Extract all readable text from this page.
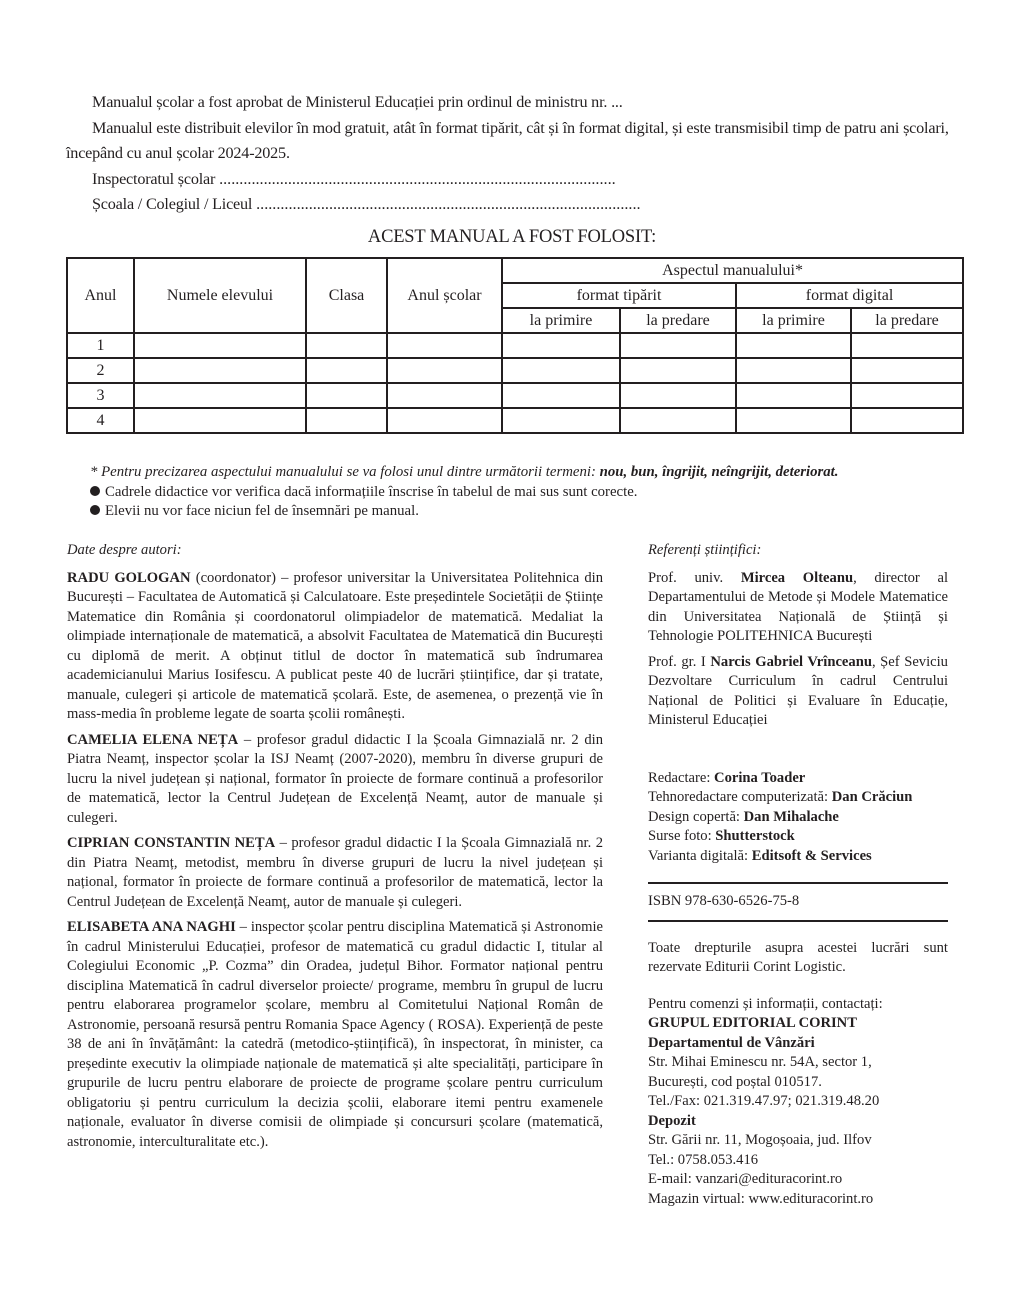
Manualul școlar a fost aprobat de Ministerul Educației prin ordinul de ministru nr. ...

Manualul este distribuit elevilor în mod gratuit, atât în format tipărit, cât și în format digital, și este transmisibil timp de patru ani școlari, începând cu anul școlar 2024-2025.

Inspectoratul școlar ..................................................................................................

Școala / Colegiul / Liceul ...............................................................................................

ACEST MANUAL A FOST FOLOSIT:
Anul	Numele elevului	Clasa	Anul școlar	Aspectul manualului*			
				format tipărit		format digital	
				la primire	la predare	la primire	la predare
1							
2							
3							
4							

* Pentru precizarea aspectului manualului se va folosi unul dintre următorii termeni: nou, bun, îngrijit, neîngrijit, deteriorat.

Cadrele didactice vor verifica dacă informațiile înscrise în tabelul de mai sus sunt corecte.

Elevii nu vor face niciun fel de însemnări pe manual.

Date despre autori:

RADU GOLOGAN (coordonator) – profesor universitar la Universitatea Politehnica din București – Facultatea de Automatică și Calculatoare. Este președintele Societății de Științe Matematice din România și coordonatorul olimpiadelor de matematică. Medaliat la olimpiade internaționale de matematică, a absolvit Facultatea de Matematică din București cu diplomă de merit. A obținut titlul de doctor în matematică sub îndrumarea academicianului Marius Iosifescu. A publicat peste 40 de lucrări științifice, dar și tratate, manuale, culegeri și articole de matematică școlară. Este, de asemenea, o prezență vie în mass-media în probleme legate de soarta școlii românești.

CAMELIA ELENA NEȚA – profesor gradul didactic I la Școala Gimnazială nr. 2 din Piatra Neamț, inspector școlar la ISJ Neamț (2007-2020), membru în diverse grupuri de lucru la nivel județean și național, formator în proiecte de formare continuă a profesorilor de matematică, lector la Centrul Județean de Excelență Neamț, autor de manuale și culegeri.

CIPRIAN CONSTANTIN NEȚA – profesor gradul didactic I la Școala Gimnazială nr. 2 din Piatra Neamț, metodist, membru în diverse grupuri de lucru la nivel județean și național, formator în proiecte de formare continuă a profesorilor de matematică, lector la Centrul Județean de Excelență Neamț, autor de manuale și culegeri.

ELISABETA ANA NAGHI – inspector școlar pentru disciplina Matematică și Astronomie în cadrul Ministerului Educației, profesor de matematică cu gradul didactic I, titular al Colegiului Economic „P. Cozma” din Oradea, județul Bihor. Formator național pentru disciplina Matematică în cadrul diverselor proiecte/ programe, membru în grupul de lucru pentru elaborarea programelor școlare, membru al Comitetului Național Român de Astronomie, persoană resursă pentru Romania Space Agency ( ROSA). Experiență de peste 38 de ani în învățământ: la catedră (metodico-științifică), în inspectorat, în minister, ca președinte executiv la olimpiade naționale de matematică și alte specialități, participare în grupurile de lucru pentru elaborare de proiecte de programe școlare pentru curriculum obligatoriu și pentru curriculum la decizia școlii, elaborare itemi pentru examenele naționale, evaluator în diverse comisii de olimpiade și concursuri școlare (matematică, astronomie, interculturalitate etc.).

Referenți științifici:

Prof. univ. Mircea Olteanu, director al Departamentului de Metode și Modele Matematice din Universitatea Națională de Știință și Tehnologie POLITEHNICA București

Prof. gr. I Narcis Gabriel Vrînceanu, Șef Seviciu Dezvoltare Curriculum în cadrul Centrului Național de Politici și Evaluare în Educație, Ministerul Educației

Redactare: Corina Toader

Tehnoredactare computerizată: Dan Crăciun

Design copertă: Dan Mihalache

Surse foto: Shutterstock

Varianta digitală: Editsoft & Services

ISBN 978-630-6526-75-8

Toate drepturile asupra acestei lucrări sunt rezervate Editurii Corint Logistic.

Pentru comenzi și informații, contactați:

GRUPUL EDITORIAL CORINT

Departamentul de Vânzări

Str. Mihai Eminescu nr. 54A, sector 1,

București, cod poștal 010517.

Tel./Fax: 021.319.47.97; 021.319.48.20

Depozit

Str. Gării nr. 11, Mogoșoaia, jud. Ilfov

Tel.: 0758.053.416

E-mail: vanzari@edituracorint.ro

Magazin virtual: www.edituracorint.ro
